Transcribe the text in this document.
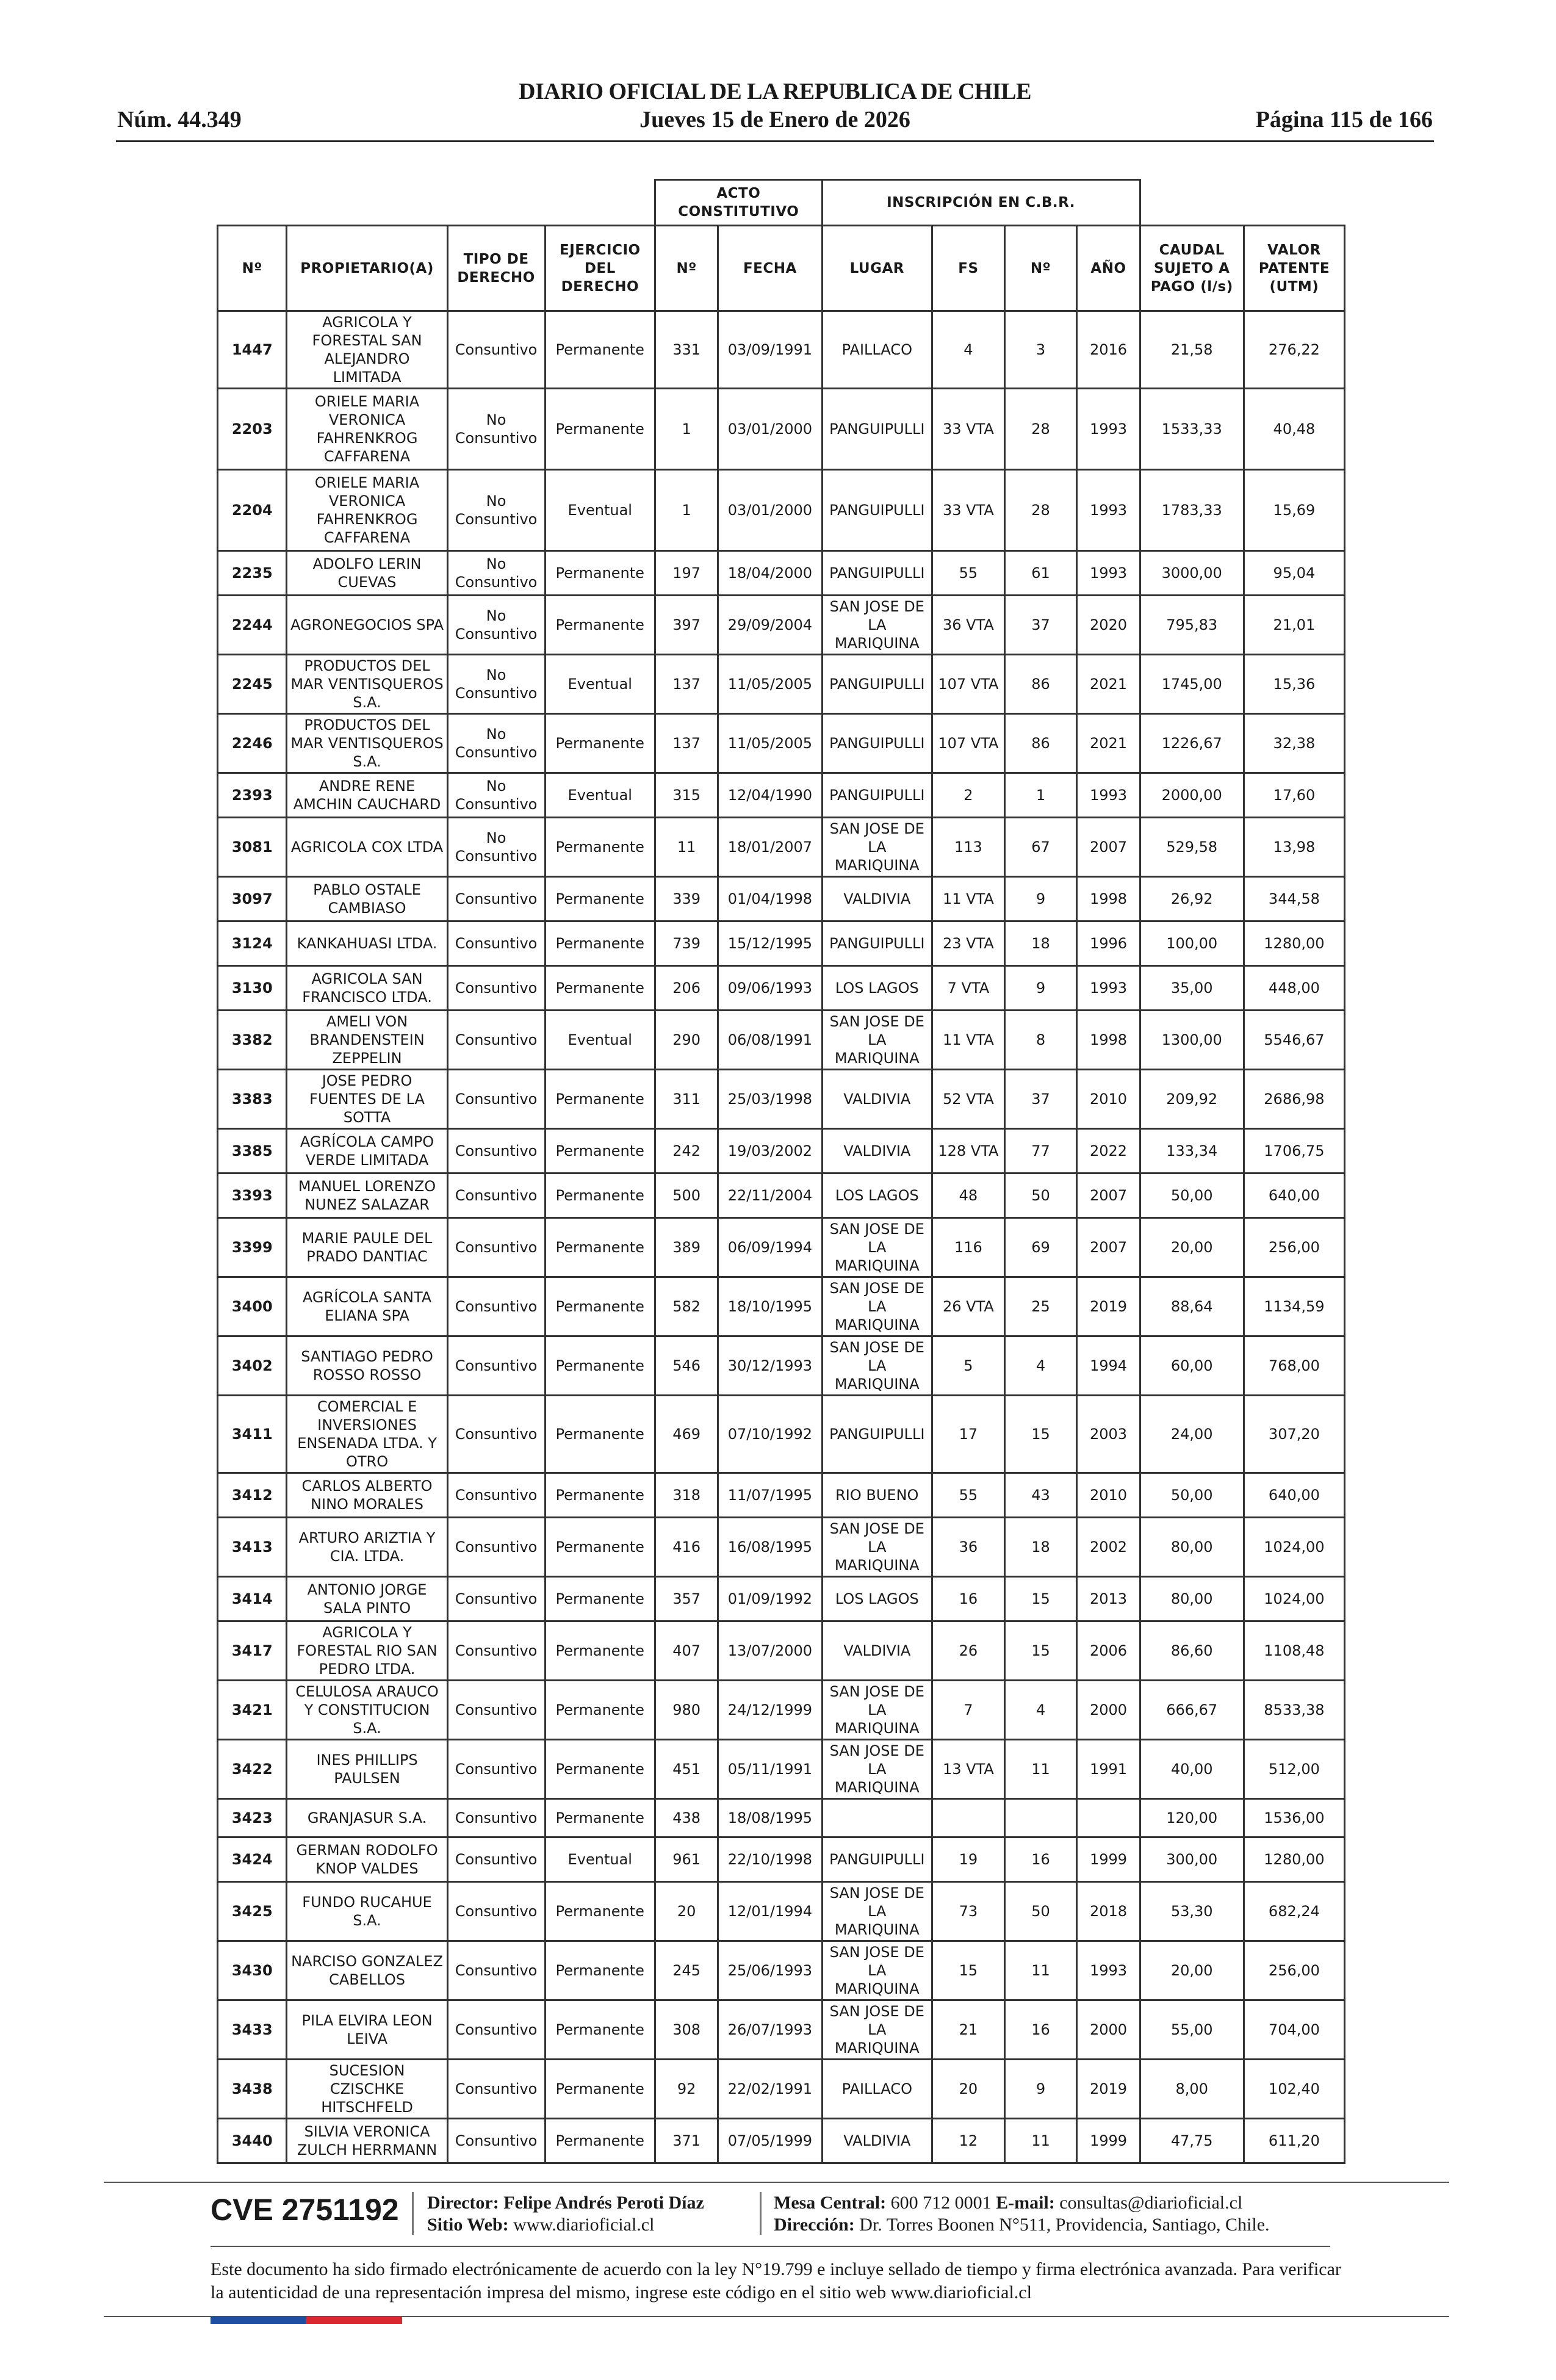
DIARIO OFICIAL DE LA REPUBLICA DE CHILE
Núm. 44.349	Jueves 15 de Enero de 2026	Página 115 de 166
				ACTO CONSTITUTIVO		INSCRIPCIÓN EN C.B.R.					
Nº	PROPIETARIO(A)	TIPO DE DERECHO	EJERCICIO DEL DERECHO	Nº	FECHA	LUGAR	FS	Nº	AÑO	CAUDAL SUJETO A PAGO (l/s)	VALOR PATENTE (UTM)
1447	AGRICOLA Y FORESTAL SAN ALEJANDRO LIMITADA	Consuntivo	Permanente	331	03/09/1991	PAILLACO	4	3	2016	21,58	276,22
2203	ORIELE MARIA VERONICA FAHRENKROG CAFFARENA	No Consuntivo	Permanente	1	03/01/2000	PANGUIPULLI	33 VTA	28	1993	1533,33	40,48
2204	ORIELE MARIA VERONICA FAHRENKROG CAFFARENA	No Consuntivo	Eventual	1	03/01/2000	PANGUIPULLI	33 VTA	28	1993	1783,33	15,69
2235	ADOLFO LERIN CUEVAS	No Consuntivo	Permanente	197	18/04/2000	PANGUIPULLI	55	61	1993	3000,00	95,04
2244	AGRONEGOCIOS SPA	No Consuntivo	Permanente	397	29/09/2004	SAN JOSE DE LA MARIQUINA	36 VTA	37	2020	795,83	21,01
2245	PRODUCTOS DEL MAR VENTISQUEROS S.A.	No Consuntivo	Eventual	137	11/05/2005	PANGUIPULLI	107 VTA	86	2021	1745,00	15,36
2246	PRODUCTOS DEL MAR VENTISQUEROS S.A.	No Consuntivo	Permanente	137	11/05/2005	PANGUIPULLI	107 VTA	86	2021	1226,67	32,38
2393	ANDRE RENE AMCHIN CAUCHARD	No Consuntivo	Eventual	315	12/04/1990	PANGUIPULLI	2	1	1993	2000,00	17,60
3081	AGRICOLA COX LTDA	No Consuntivo	Permanente	11	18/01/2007	SAN JOSE DE LA MARIQUINA	113	67	2007	529,58	13,98
3097	PABLO OSTALE CAMBIASO	Consuntivo	Permanente	339	01/04/1998	VALDIVIA	11 VTA	9	1998	26,92	344,58
3124	KANKAHUASI LTDA.	Consuntivo	Permanente	739	15/12/1995	PANGUIPULLI	23 VTA	18	1996	100,00	1280,00
3130	AGRICOLA SAN FRANCISCO LTDA.	Consuntivo	Permanente	206	09/06/1993	LOS LAGOS	7 VTA	9	1993	35,00	448,00
3382	AMELI VON BRANDENSTEIN ZEPPELIN	Consuntivo	Eventual	290	06/08/1991	SAN JOSE DE LA MARIQUINA	11 VTA	8	1998	1300,00	5546,67
3383	JOSE PEDRO FUENTES DE LA SOTTA	Consuntivo	Permanente	311	25/03/1998	VALDIVIA	52 VTA	37	2010	209,92	2686,98
3385	AGRÍCOLA CAMPO VERDE LIMITADA	Consuntivo	Permanente	242	19/03/2002	VALDIVIA	128 VTA	77	2022	133,34	1706,75
3393	MANUEL LORENZO NUNEZ SALAZAR	Consuntivo	Permanente	500	22/11/2004	LOS LAGOS	48	50	2007	50,00	640,00
3399	MARIE PAULE DEL PRADO DANTIAC	Consuntivo	Permanente	389	06/09/1994	SAN JOSE DE LA MARIQUINA	116	69	2007	20,00	256,00
3400	AGRÍCOLA SANTA ELIANA SPA	Consuntivo	Permanente	582	18/10/1995	SAN JOSE DE LA MARIQUINA	26 VTA	25	2019	88,64	1134,59
3402	SANTIAGO PEDRO ROSSO ROSSO	Consuntivo	Permanente	546	30/12/1993	SAN JOSE DE LA MARIQUINA	5	4	1994	60,00	768,00
3411	COMERCIAL E INVERSIONES ENSENADA LTDA. Y OTRO	Consuntivo	Permanente	469	07/10/1992	PANGUIPULLI	17	15	2003	24,00	307,20
3412	CARLOS ALBERTO NINO MORALES	Consuntivo	Permanente	318	11/07/1995	RIO BUENO	55	43	2010	50,00	640,00
3413	ARTURO ARIZTIA Y CIA. LTDA.	Consuntivo	Permanente	416	16/08/1995	SAN JOSE DE LA MARIQUINA	36	18	2002	80,00	1024,00
3414	ANTONIO JORGE SALA PINTO	Consuntivo	Permanente	357	01/09/1992	LOS LAGOS	16	15	2013	80,00	1024,00
3417	AGRICOLA Y FORESTAL RIO SAN PEDRO LTDA.	Consuntivo	Permanente	407	13/07/2000	VALDIVIA	26	15	2006	86,60	1108,48
3421	CELULOSA ARAUCO Y CONSTITUCION S.A.	Consuntivo	Permanente	980	24/12/1999	SAN JOSE DE LA MARIQUINA	7	4	2000	666,67	8533,38
3422	INES PHILLIPS PAULSEN	Consuntivo	Permanente	451	05/11/1991	SAN JOSE DE LA MARIQUINA	13 VTA	11	1991	40,00	512,00
3423	GRANJASUR S.A.	Consuntivo	Permanente	438	18/08/1995					120,00	1536,00
3424	GERMAN RODOLFO KNOP VALDES	Consuntivo	Eventual	961	22/10/1998	PANGUIPULLI	19	16	1999	300,00	1280,00
3425	FUNDO RUCAHUE S.A.	Consuntivo	Permanente	20	12/01/1994	SAN JOSE DE LA MARIQUINA	73	50	2018	53,30	682,24
3430	NARCISO GONZALEZ CABELLOS	Consuntivo	Permanente	245	25/06/1993	SAN JOSE DE LA MARIQUINA	15	11	1993	20,00	256,00
3433	PILA ELVIRA LEON LEIVA	Consuntivo	Permanente	308	26/07/1993	SAN JOSE DE LA MARIQUINA	21	16	2000	55,00	704,00
3438	SUCESION CZISCHKE HITSCHFELD	Consuntivo	Permanente	92	22/02/1991	PAILLACO	20	9	2019	8,00	102,40
3440	SILVIA VERONICA ZULCH HERRMANN	Consuntivo	Permanente	371	07/05/1999	VALDIVIA	12	11	1999	47,75	611,20
CVE 2751192 Director: Felipe Andrés Peroti Díaz
Sitio Web: www.diarioficial.cl
Mesa Central: 600 712 0001 E-mail: consultas@diarioficial.cl
Dirección: Dr. Torres Boonen N°511, Providencia, Santiago, Chile.
Este documento ha sido firmado electrónicamente de acuerdo con la ley N°19.799 e incluye sellado de tiempo y firma electrónica avanzada. Para verificar la autenticidad de una representación impresa del mismo, ingrese este código en el sitio web www.diarioficial.cl
